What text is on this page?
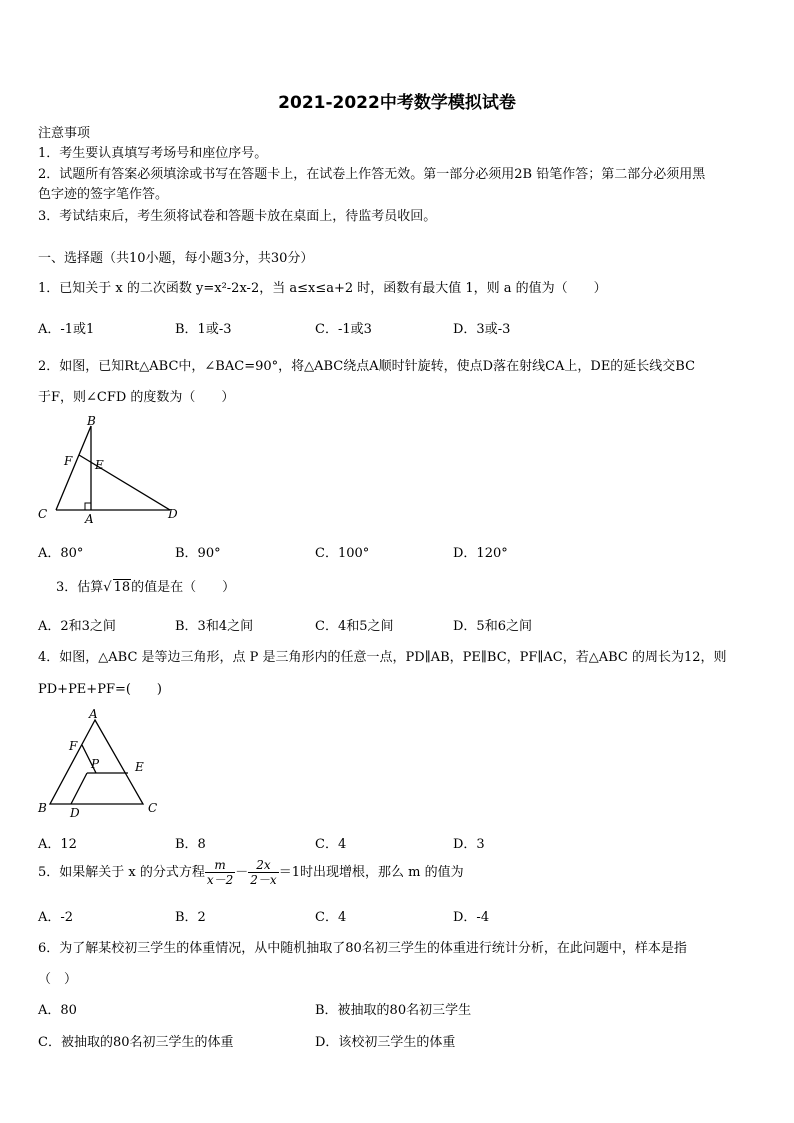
2021-2022中考数学模拟试卷
注意事项
1．考生要认真填写考场号和座位序号。
2．试题所有答案必须填涂或书写在答题卡上，在试卷上作答无效。第一部分必须用2B 铅笔作答；第二部分必须用黑
色字迹的签字笔作答。
3．考试结束后，考生须将试卷和答题卡放在桌面上，待监考员收回。
一、选择题（共10小题，每小题3分，共30分）
1．已知关于 x 的二次函数 y=x²-2x-2，当 a≤x≤a+2 时，函数有最大值 1，则 a 的值为（　　）
A．-1或1	B．1或-3	C．-1或3	D．3或-3
2．如图，已知Rt△ABC中，∠BAC=90°，将△ABC绕点A顺时针旋转，使点D落在射线CA上，DE的延长线交BC
于F，则∠CFD 的度数为（　　）
B
F E
C	A	D
A．80°	B．90°	C．100°	D．120°
3．估算√ 18的值是在（　　）
A．2和3之间	B．3和4之间	C．4和5之间	D．5和6之间
4．如图，△ABC 是等边三角形，点 P 是三角形内的任意一点，PD∥AB，PE∥BC，PF∥AC，若△ABC 的周长为12，则
PD+PE+PF=(　　)
A
F
P	E
B D	C
A．12	B．8	C．4	D．3
5．如果解关于 x 的分式方程 $\frac{m}{x-2} - \frac{2x}{2-x} =1$时出现增根，那么 m 的值为
A．-2	B．2	C．4	D．-4
6．为了解某校初三学生的体重情况，从中随机抽取了80名初三学生的体重进行统计分析，在此问题中，样本是指
（　）
A．80	B．被抽取的80名初三学生
C．被抽取的80名初三学生的体重	D．该校初三学生的体重
